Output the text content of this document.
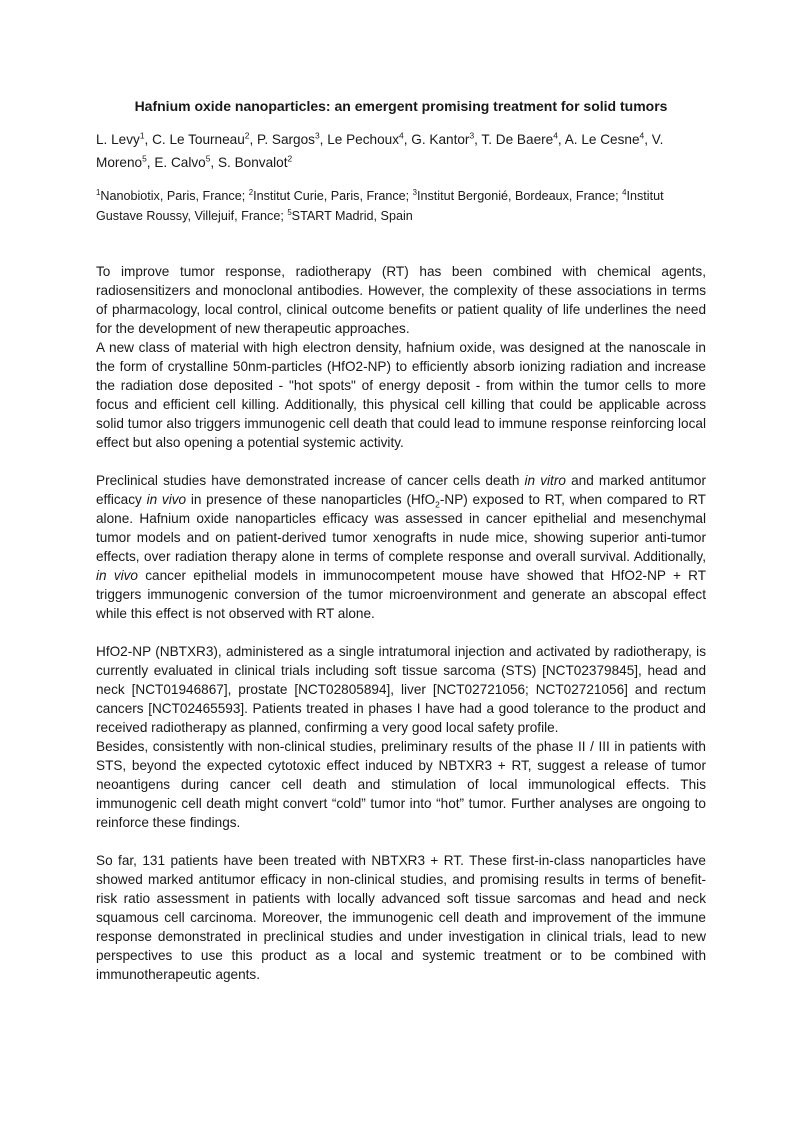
Hafnium oxide nanoparticles: an emergent promising treatment for solid tumors

L. Levy$^1$, C. Le Tourneau$^2$, P. Sargos$^3$, Le Pechoux$^4$, G. Kantor$^3$, T. De Baere$^4$, A. Le Cesne$^4$, V. Moreno$^5$, E. Calvo$^5$, S. Bonvalot$^2$

$^1$Nanobiotix, Paris, France; $^2$Institut Curie, Paris, France; $^3$Institut Bergonié, Bordeaux, France; $^4$Institut Gustave Roussy, Villejuif, France; $^5$START Madrid, Spain

To improve tumor response, radiotherapy (RT) has been combined with chemical agents, radiosensitizers and monoclonal antibodies. However, the complexity of these associations in terms of pharmacology, local control, clinical outcome benefits or patient quality of life underlines the need for the development of new therapeutic approaches.

A new class of material with high electron density, hafnium oxide, was designed at the nanoscale in the form of crystalline 50nm-particles (HfO2-NP) to efficiently absorb ionizing radiation and increase the radiation dose deposited - "hot spots" of energy deposit - from within the tumor cells to more focus and efficient cell killing. Additionally, this physical cell killing that could be applicable across solid tumor also triggers immunogenic cell death that could lead to immune response reinforcing local effect but also opening a potential systemic activity.

Preclinical studies have demonstrated increase of cancer cells death in vitro and marked antitumor efficacy in vivo in presence of these nanoparticles (HfO$_2$-NP) exposed to RT, when compared to RT alone. Hafnium oxide nanoparticles efficacy was assessed in cancer epithelial and mesenchymal tumor models and on patient-derived tumor xenografts in nude mice, showing superior anti-tumor effects, over radiation therapy alone in terms of complete response and overall survival. Additionally, in vivo cancer epithelial models in immunocompetent mouse have showed that HfO2-NP + RT triggers immunogenic conversion of the tumor microenvironment and generate an abscopal effect while this effect is not observed with RT alone.

HfO2-NP (NBTXR3), administered as a single intratumoral injection and activated by radiotherapy, is currently evaluated in clinical trials including soft tissue sarcoma (STS) [NCT02379845], head and neck [NCT01946867], prostate [NCT02805894], liver [NCT02721056; NCT02721056] and rectum cancers [NCT02465593]. Patients treated in phases I have had a good tolerance to the product and received radiotherapy as planned, confirming a very good local safety profile.

Besides, consistently with non-clinical studies, preliminary results of the phase II / III in patients with STS, beyond the expected cytotoxic effect induced by NBTXR3 + RT, suggest a release of tumor neoantigens during cancer cell death and stimulation of local immunological effects. This immunogenic cell death might convert “cold” tumor into “hot” tumor. Further analyses are ongoing to reinforce these findings.

So far, 131 patients have been treated with NBTXR3 + RT. These first-in-class nanoparticles have showed marked antitumor efficacy in non-clinical studies, and promising results in terms of benefit-risk ratio assessment in patients with locally advanced soft tissue sarcomas and head and neck squamous cell carcinoma. Moreover, the immunogenic cell death and improvement of the immune response demonstrated in preclinical studies and under investigation in clinical trials, lead to new perspectives to use this product as a local and systemic treatment or to be combined with immunotherapeutic agents.
